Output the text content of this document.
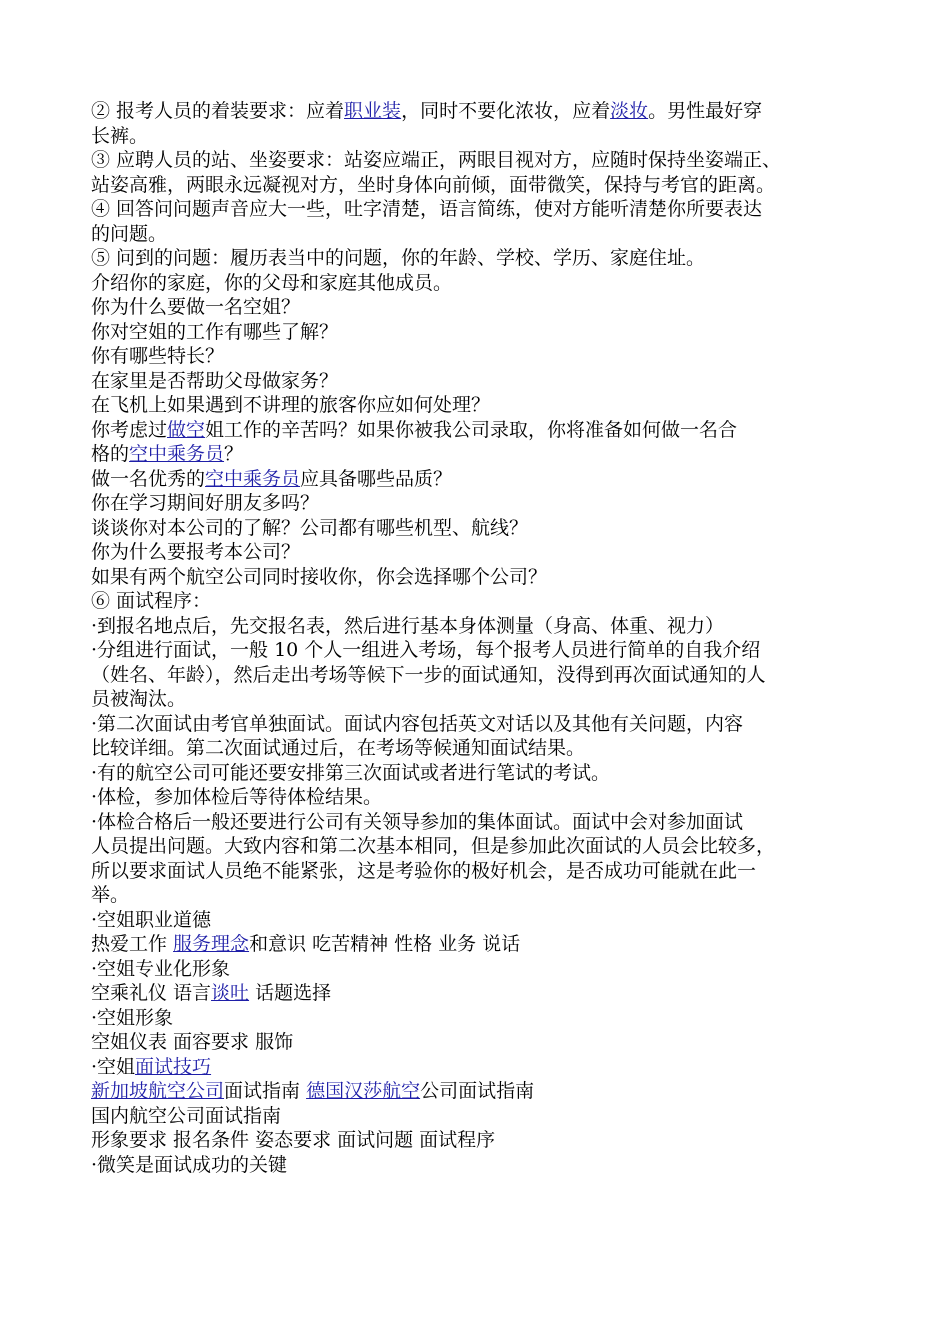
② 报考人员的着装要求：应着职业装，同时不要化浓妆，应着淡妆。男性最好穿
长裤。
③ 应聘人员的站、坐姿要求：站姿应端正，两眼目视对方，应随时保持坐姿端正、
站姿高雅，两眼永远凝视对方，坐时身体向前倾，面带微笑，保持与考官的距离。
④ 回答问问题声音应大一些，吐字清楚，语言简练，使对方能听清楚你所要表达
的问题。
⑤ 问到的问题：履历表当中的问题，你的年龄、学校、学历、家庭住址。
介绍你的家庭，你的父母和家庭其他成员。
你为什么要做一名空姐？
你对空姐的工作有哪些了解？
你有哪些特长？
在家里是否帮助父母做家务？
在飞机上如果遇到不讲理的旅客你应如何处理？
你考虑过做空姐工作的辛苦吗？如果你被我公司录取，你将准备如何做一名合
格的空中乘务员？
做一名优秀的空中乘务员应具备哪些品质？
你在学习期间好朋友多吗？
谈谈你对本公司的了解？公司都有哪些机型、航线？
你为什么要报考本公司？
如果有两个航空公司同时接收你，你会选择哪个公司？
⑥ 面试程序：
·到报名地点后，先交报名表，然后进行基本身体测量（身高、体重、视力）
·分组进行面试，一般 10 个人一组进入考场，每个报考人员进行简单的自我介绍
（姓名、年龄），然后走出考场等候下一步的面试通知，没得到再次面试通知的人
员被淘汰。
·第二次面试由考官单独面试。面试内容包括英文对话以及其他有关问题，内容
比较详细。第二次面试通过后，在考场等候通知面试结果。
·有的航空公司可能还要安排第三次面试或者进行笔试的考试。
·体检，参加体检后等待体检结果。
·体检合格后一般还要进行公司有关领导参加的集体面试。面试中会对参加面试
人员提出问题。大致内容和第二次基本相同，但是参加此次面试的人员会比较多，
所以要求面试人员绝不能紧张，这是考验你的极好机会，是否成功可能就在此一
举。
·空姐职业道德
热爱工作 服务理念和意识 吃苦精神 性格 业务 说话
·空姐专业化形象
空乘礼仪 语言谈吐 话题选择
·空姐形象
空姐仪表 面容要求 服饰
·空姐面试技巧
新加坡航空公司面试指南 德国汉莎航空公司面试指南
国内航空公司面试指南
形象要求 报名条件 姿态要求 面试问题 面试程序
·微笑是面试成功的关键
